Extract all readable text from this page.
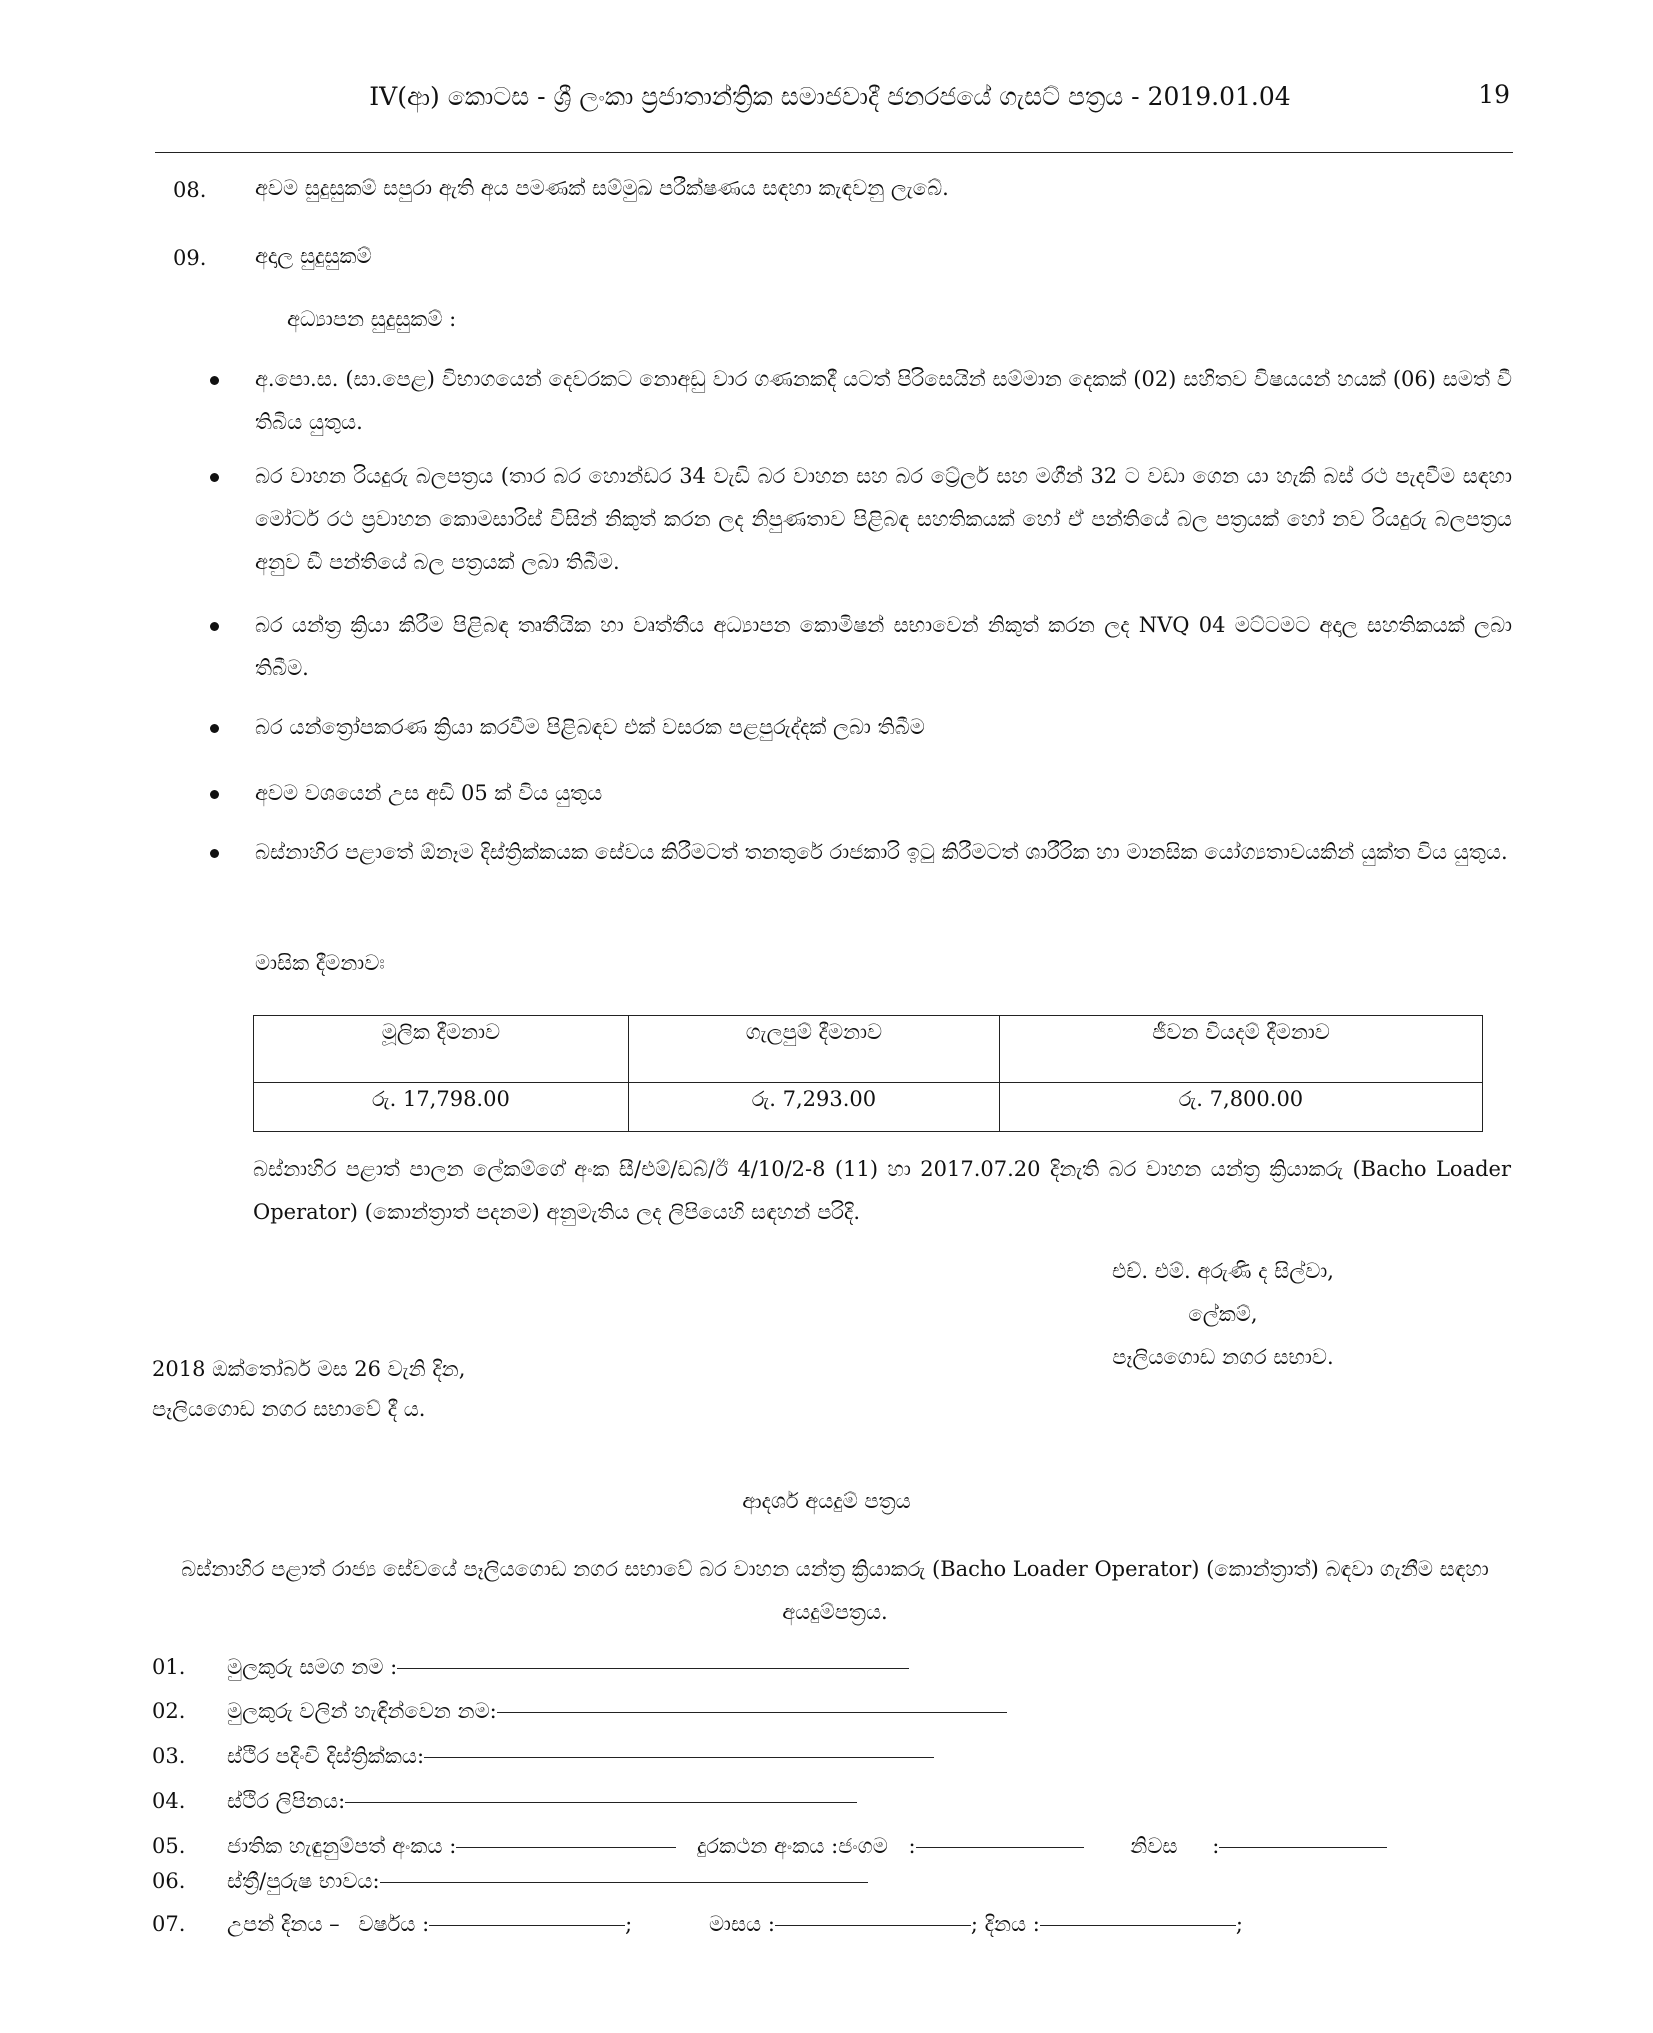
IV(ආ) කොටස - ශ්‍රී ලංකා ප්‍රජාතාන්ත්‍රික සමාජවාදී ජනරජයේ ගැසට් පත්‍රය - 2019.01.04	19
08. අවම සුදුසුකම් සපුරා ඇති අය පමණක් සම්මුඛ පරීක්ෂණය සඳහා කැඳවනු ලැබේ.
09. අදාල සුදුසුකම්
අධ්‍යාපන සුදුසුකම් :
අ.පො.ස. (සා.පෙළ) විභාගයෙන් දෙවරකට නොඅඩු වාර ගණනකදී යටත් පිරිසෙයින් සම්මාන දෙකක් (02) සහිතව විෂයයන් හයක් (06) සමත් වී තිබිය යුතුය.
බර වාහන රියදුරු බලපත්‍රය (තාර බර හොන්ඩර 34 වැඩි බර වාහන සහ බර ට්‍රේලර් සහ මගීන් 32 ට වඩා ගෙන යා හැකි බස් රථ පැදවීම සඳහා මෝටර් රථ ප්‍රවාහන කොමසාරිස් විසින් නිකුත් කරන ලද නිපුණතාව පිළිබඳ සහතිකයක් හෝ ඒ පන්තියේ බල පත්‍රයක් හෝ නව රියදුරු බලපත්‍රය අනුව ඩී පන්තියේ බල පත්‍රයක් ලබා තිබීම.
බර යන්ත්‍ර ක්‍රියා කිරීම පිළිබඳ තෘතීයික හා වෘත්තීය අධ්‍යාපන කොමිෂන් සභාවෙන් නිකුත් කරන ලද NVQ 04 මට්ටමට අදාල සහතිකයක් ලබා තිබීම.
බර යන්ත්‍රෝපකරණ ක්‍රියා කරවීම පිළිබඳව එක් වසරක පළපුරුද්දක් ලබා තිබීම
අවම වශයෙන් උස අඩි 05 ක් විය යුතුය
බස්නාහිර පළාතේ ඕනෑම දිස්ත්‍රික්කයක සේවය කිරීමටත් තනතුරේ රාජකාරි ඉටු කිරීමටත් ශාරීරික හා මානසික යෝග්‍යතාවයකින් යුක්ත විය යුතුය.
මාසික දීමනාවඃ
මූලික දීමනාව	ගැලපුම් දීමනාව	ජීවන වියදම් දීමනාව
රු. 17,798.00	රු. 7,293.00	රු. 7,800.00
බස්නාහිර පළාත් පාලන ලේකම්ගේ අංක සී/එම්/ඩබ්/ඊ 4/10/2-8 (11) හා 2017.07.20 දිනැති බර වාහන යන්ත්‍ර ක්‍රියාකරු (Bacho Loader Operator) (කොන්ත්‍රාත් පදනම) අනුමැතිය ලද ලිපියෙහි සඳහන් පරිදි.
එච්. එම්. අරුණි ද සිල්වා,
ලේකම්,
පෑලියගොඩ නගර සභාව.
2018 ඔක්තෝබර් මස 26 වැනි දින,
පෑලියගොඩ නගර සභාවේ දී ය.
ආදර්ශ අයදුම් පත්‍රය
බස්නාහිර පළාත් රාජ්‍ය සේවයේ පෑලියගොඩ නගර සභාවේ බර වාහන යන්ත්‍ර ක්‍රියාකරු (Bacho Loader Operator) (කොන්ත්‍රාත්) බඳවා ගැනීම සඳහා අයදුම්පත්‍රය.
01. මුලකුරු සමග නම :
02. මුලකුරු වලින් හැඳින්වෙන නම:
03. ස්ථිර පදිංචි දිස්ත්‍රික්කය:
04. ස්ථිර ලිපිනය:
05. ජාතික හැඳුනුම්පත් අංකය :	දුරකථන අංකය :ජංගම :	නිවස :
06. ස්ත්‍රී/පුරුෂ භාවය:
07. උපන් දිනය – වර්ෂය :	;	මාසය :	; දිනය :	;
